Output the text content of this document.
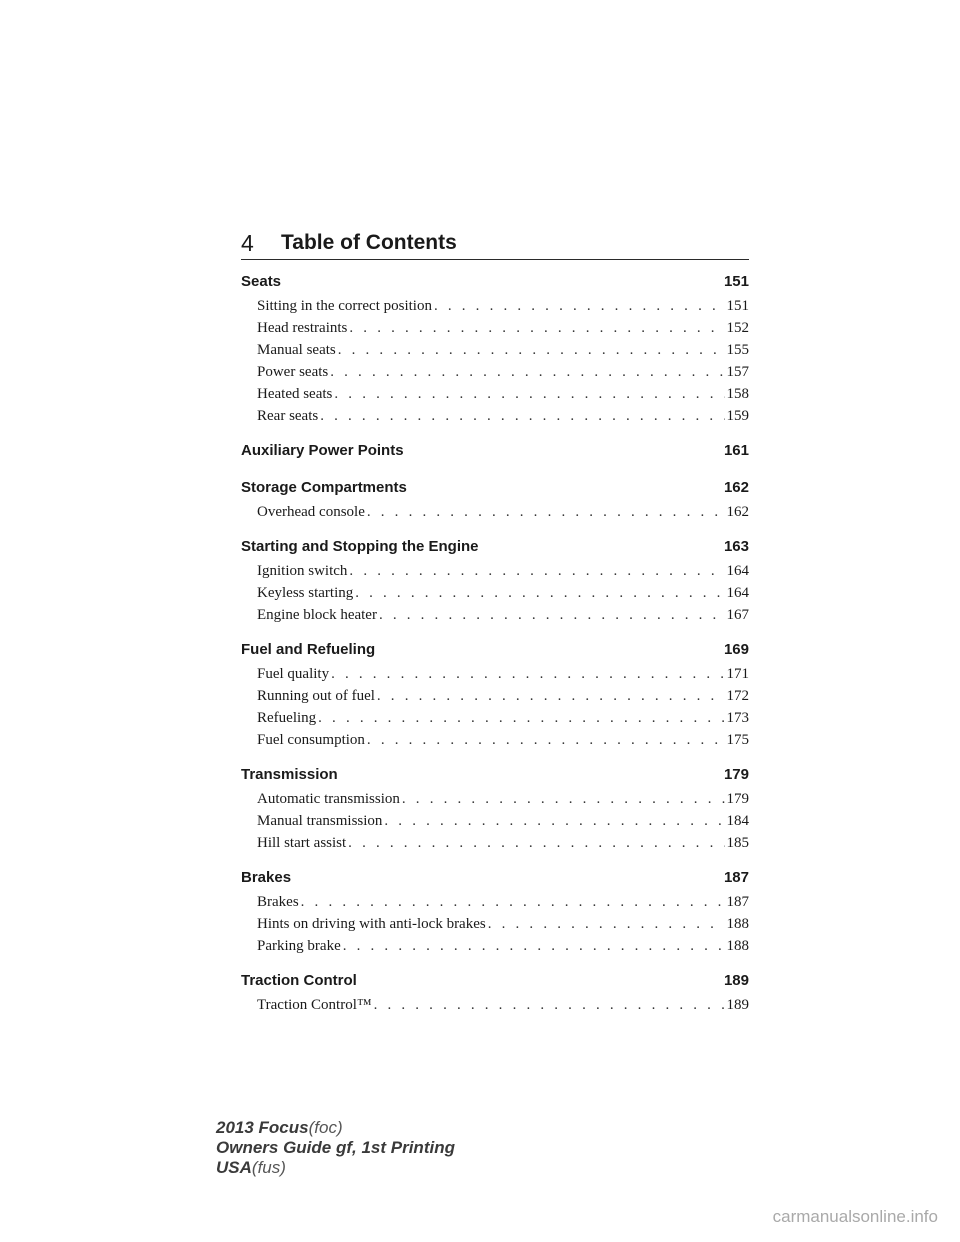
4 Table of Contents
Seats	151
Sitting in the correct position . . .	151
Head restraints . . .	152
Manual seats . . .	155
Power seats . . .	157
Heated seats . . .	158
Rear seats . . .	159
Auxiliary Power Points	161
Storage Compartments	162
Overhead console . . .	162
Starting and Stopping the Engine	163
Ignition switch . . .	164
Keyless starting . . .	164
Engine block heater . . .	167
Fuel and Refueling	169
Fuel quality . . .	171
Running out of fuel . . .	172
Refueling . . .	173
Fuel consumption . . .	175
Transmission	179
Automatic transmission . . .	179
Manual transmission . . .	184
Hill start assist . . .	185
Brakes	187
Brakes . . .	187
Hints on driving with anti-lock brakes . . .	188
Parking brake . . .	188
Traction Control	189
Traction Control™ . . .	189
2013 Focus(foc)
Owners Guide gf, 1st Printing
USA(fus)
carmanualsonline.info
